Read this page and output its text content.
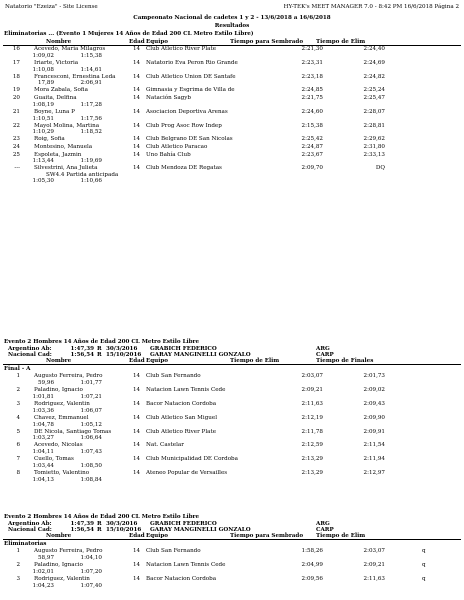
Natatorio "Ezeiza" - Site License	HY-TEK's MEET MANAGER 7.0 - 8:42 PM 16/6/2018 Página 2
Campeonato Nacional de cadetes 1 y 2 - 13/6/2018 a 16/6/2018
Resultados
Eliminatorias ... (Evento 1 Mujeres 14 Años de Edad 200 CL Metro Estilo Libre)
Nombre	Edad Equipo	Tiempo para Sembrado Tiempo de Elim
16	Acevedo, Maria Milagros	14 Club Atletico River Plate	2:21,30	2:24,40
1:09,02	1:15,38
17	Iriarte, Victoria	14 Natatorio Eva Peron Rio Grande	2:23,31	2:24,69
1:10,08	1:14,61
18	Francesconi, Ernestina Leda	14 Club Atletico Union DE Santafe	2:23,18	2:24,82
17,89	2:06,91
19	Mora Zabala, Sofia	14 Gimnasia y Esgrima de Villa de	2:24,85	2:25,24
20	Guaita, Delfina	14 Natación Sagyb	2:21,75	2:25,47
1:08,19	1:17,28
21	Boyne, Luna P	14 Asociacion Deportiva Arenas	2:24,60	2:28,07
1:10,51	1:17,56
22	Mayol Molina, Martina	14 Club Prog Asoc Row Indep	2:15,38	2:28,81
1:10,29	1:18,52
23	Roig, Sofia	14 Club Belgrano DE San Nicolas	2:25,42	2:29,62
24	Montesino, Manuela	14 Club Atletico Paracao	2:24,87	2:31,80
25	Espoleta, Jazmin	14 Uno Bahía Club	2:23,67	2:33,13
1:13,44	1:19,69
---	Silvestrini, Ana Julieta	14 Club Mendoza DE Regatas	2:09,70	DQ
SW4.4 Partida anticipada
1:05,30	1:10,66
Evento 2 Hombres 14 Años de Edad 200 CL Metro Estilo Libre
Argentino Ab:	1:47,39 R 30/3/2016 GRABICH FEDERICO	ARG
Nacional Cad:	1:56,54 R 15/10/2016 GARAY MANGINELLI GONZALO	CARP
Nombre	Edad Equipo	Tiempo de Elim	Tiempo de Finales
Final - A
1	Augusto Ferreira, Pedro	14 Club San Fernando	2:03,07	2:01,73
59,96	1:01,77
2	Paladino, Ignacio	14 Natacion Lawn Tennis Cede	2:09,21	2:09,02
1:01,81	1:07,21
3	Rodriguez, Valentin	14 Bacor Natacion Cordoba	2:11,63	2:09,43
1:03,36	1:06,07
4	Chavez, Emmanuel	14 Club Atletico San Miguel	2:12,19	2:09,90
1:04,78	1:05,12
5	DE Nicola, Santiago Tomas	14 Club Atletico River Plate	2:11,78	2:09,91
1:03,27	1:06,64
6	Acevedo, Nicolas	14 Nat. Castelar	2:12,59	2:11,54
1:04,11	1:07,43
7	Cuello, Tomas	14 Club Municipalidad DE Cordoba	2:13,29	2:11,94
1:03,44	1:08,50
8	Tomietto, Valentino	14 Ateneo Popular de Versailles	2:13,29	2:12,97
1:04,13	1:08,84
Evento 2 Hombres 14 Años de Edad 200 CL Metro Estilo Libre
Argentino Ab:	1:47,39 R 30/3/2016 GRABICH FEDERICO	ARG
Nacional Cad:	1:56,54 R 15/10/2016 GARAY MANGINELLI GONZALO	CARP
Nombre	Edad Equipo	Tiempo para Sembrado Tiempo de Elim
Eliminatorias
1	Augusto Ferreira, Pedro	14 Club San Fernando	1:58,26	2:03,07	q
58,97	1:04,10
2	Paladino, Ignacio	14 Natacion Lawn Tennis Cede	2:04,99	2:09,21	q
1:02,01	1:07,20
3	Rodriguez, Valentin	14 Bacor Natacion Cordoba	2:09,56	2:11,63	q
1:04,23	1:07,40
